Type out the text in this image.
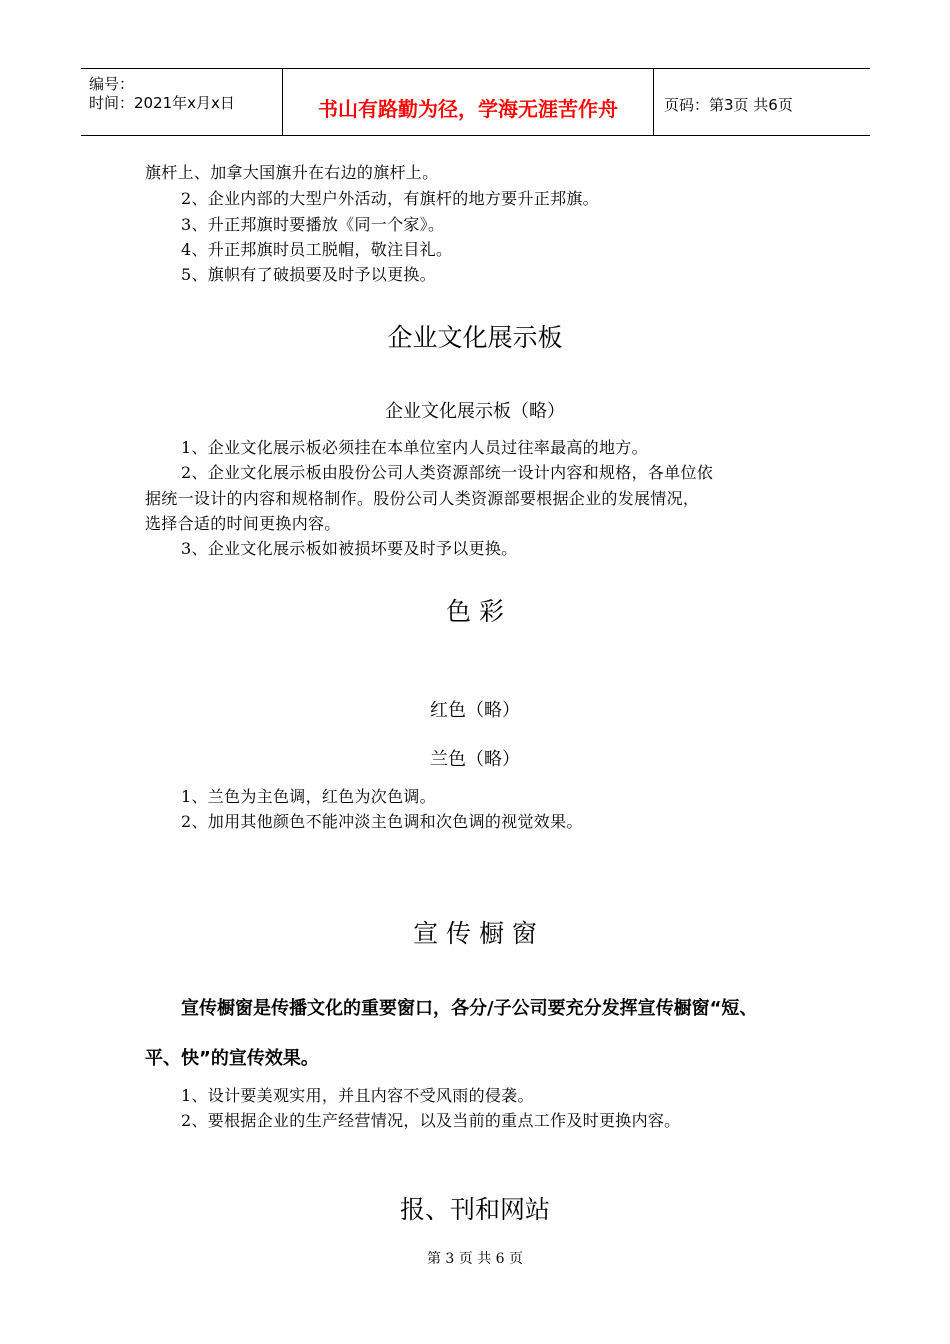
编号：
时间：2021年x月x日	书山有路勤为径，学海无涯苦作舟	页码：第3页 共6页
旗杆上、加拿大国旗升在右边的旗杆上。
2、企业内部的大型户外活动，有旗杆的地方要升正邦旗。
3、升正邦旗时要播放《同一个家》。
4、升正邦旗时员工脱帽，敬注目礼。
5、旗帜有了破损要及时予以更换。
企业文化展示板
企业文化展示板（略）
1、企业文化展示板必须挂在本单位室内人员过往率最高的地方。
2、企业文化展示板由股份公司人类资源部统一设计内容和规格，各单位依
据统一设计的内容和规格制作。股份公司人类资源部要根据企业的发展情况，
选择合适的时间更换内容。
3、企业文化展示板如被损坏要及时予以更换。
色 彩
红色（略）
兰色（略）
1、兰色为主色调，红色为次色调。
2、加用其他颜色不能冲淡主色调和次色调的视觉效果。
宣 传 橱 窗
宣传橱窗是传播文化的重要窗口，各分/子公司要充分发挥宣传橱窗“短、
平、快”的宣传效果。
1、设计要美观实用，并且内容不受风雨的侵袭。
2、要根据企业的生产经营情况，以及当前的重点工作及时更换内容。
报、刊和网站
第 3 页 共 6 页
